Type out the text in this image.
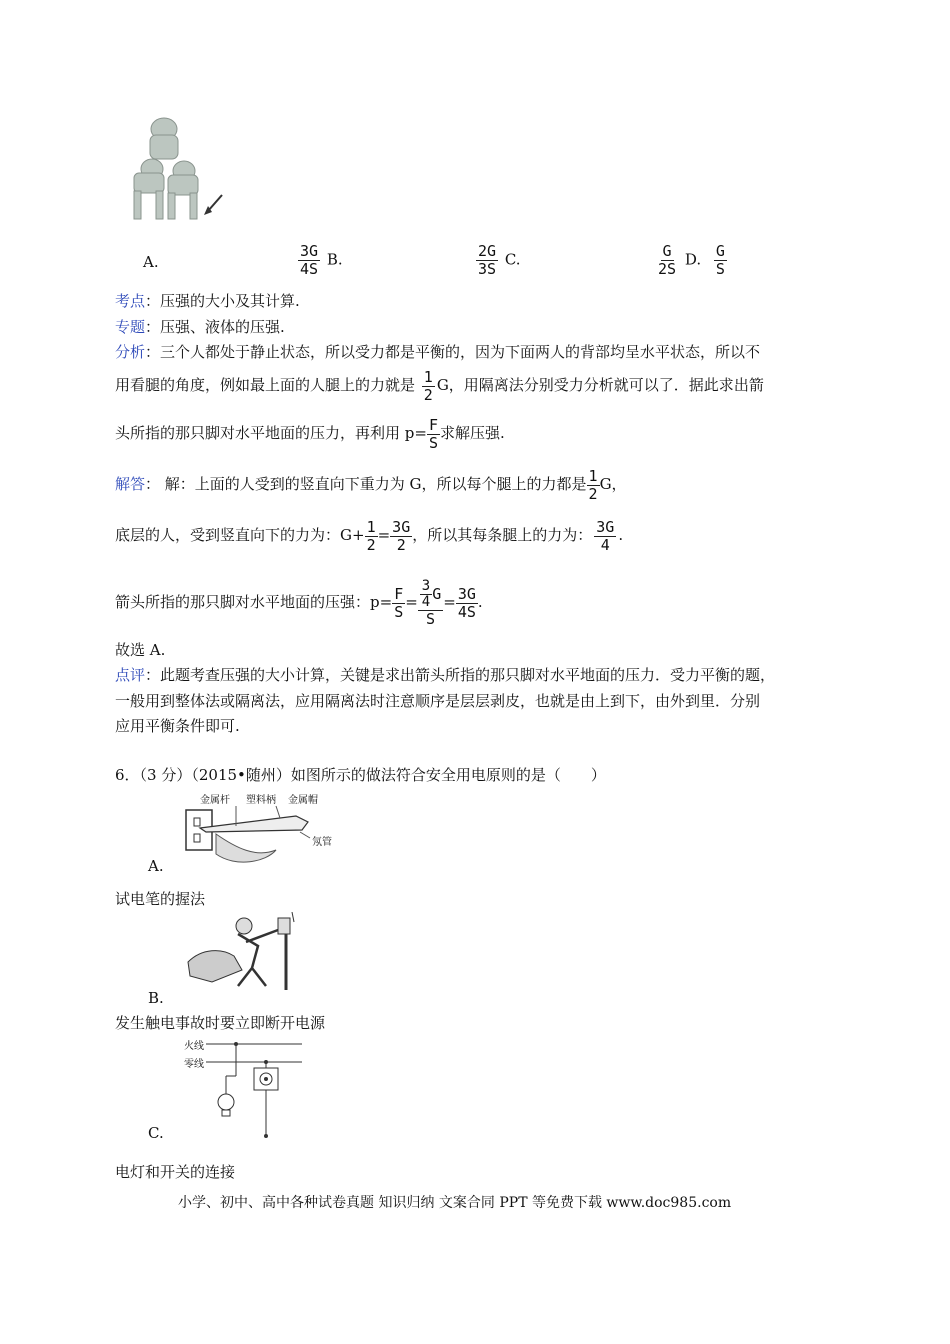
A.	$\frac{3G}{4S} B$.	$\frac{2G}{3S} C$.	$\frac{G}{2S} D$. $\frac{G}{S}$
考点：压强的大小及其计算.
专题：压强、液体的压强.
分析：三个人都处于静止状态，所以受力都是平衡的，因为下面两人的背部均呈水平状态，所以不
用看腿的角度，例如最上面的人腿上的力就是 $\frac{1}{2}$ G，用隔离法分别受力分析就可以了．据此求出箭
头所指的那只脚对水平地面的压力，再利用 $p= \frac{F}{S}$ 求解压强.
解答： 解：上面的人受到的竖直向下重力为 G，所以每个腿上的力都是 $\frac{1}{2}$ G，
底层的人，受到竖直向下的力为：$G+ \frac{1}{2} = \frac{3G}{2}$ ，所以其每条腿上的力为： $\frac{3G}{4}$ .
箭头所指的那只脚对水平地面的压强：$p= \frac{F}{S} = \frac{\frac{3}{4} G}{S} = \frac{3G}{4S}$ .
故选 A.
点评：此题考查压强的大小计算，关键是求出箭头所指的那只脚对水平地面的压力．受力平衡的题，
一般用到整体法或隔离法，应用隔离法时注意顺序是层层剥皮，也就是由上到下，由外到里．分别
应用平衡条件即可.
6．（3 分）（2015•随州）如图所示的做法符合安全用电原则的是（　　）
金属杆 塑料柄 金属帽
氖管
A.
试电笔的握法
B.
发生触电事故时要立即断开电源
火线
零线
C.
电灯和开关的连接
小学、初中、高中各种试卷真题 知识归纳 文案合同 PPT 等免费下载 www.doc985.com
